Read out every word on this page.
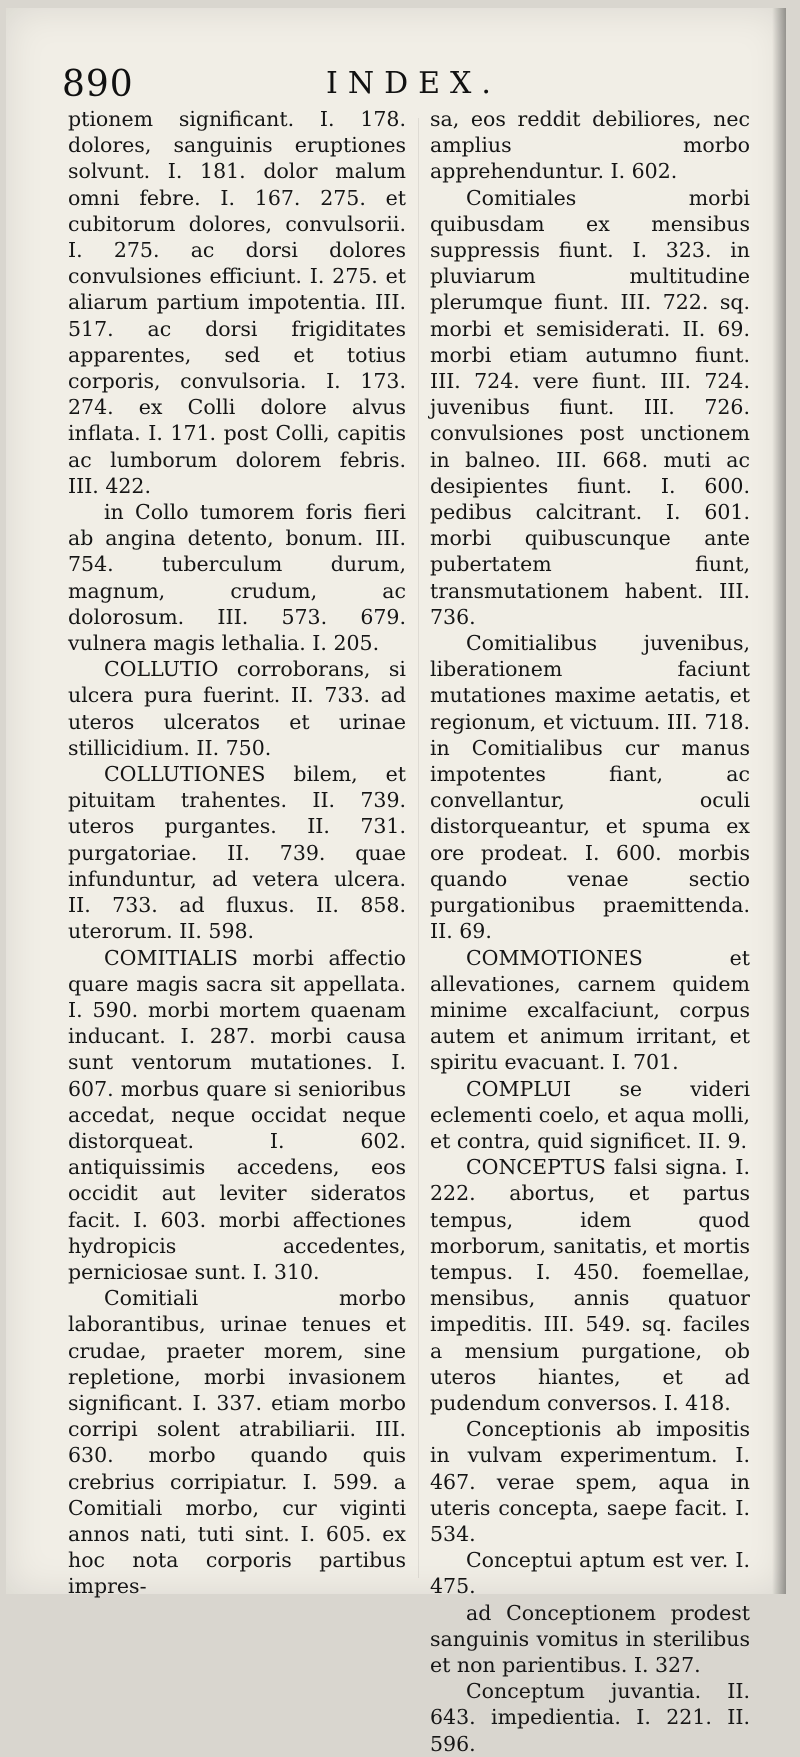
890	INDEX.

ptionem significant. I. 178. dolores, sanguinis eruptiones solvunt. I. 181. dolor malum omni febre. I. 167. 275. et cubitorum dolores, convulsorii. I. 275. ac dorsi dolores convulsiones efficiunt. I. 275. et aliarum partium impotentia. III. 517. ac dorsi frigiditates apparentes, sed et totius corporis, convulsoria. I. 173. 274. ex Colli dolore alvus inflata. I. 171. post Colli, capitis ac lumborum dolorem febris. III. 422.

in Collo tumorem foris fieri ab angina detento, bonum. III. 754. tuberculum durum, magnum, crudum, ac dolorosum. III. 573. 679. vulnera magis lethalia. I. 205.

COLLUTIO corroborans, si ulcera pura fuerint. II. 733. ad uteros ulceratos et urinae stillicidium. II. 750.

COLLUTIONES bilem, et pituitam trahentes. II. 739. uteros purgantes. II. 731. purgatoriae. II. 739. quae infunduntur, ad vetera ulcera. II. 733. ad fluxus. II. 858. uterorum. II. 598.

COMITIALIS morbi affectio quare magis sacra sit appellata. I. 590. morbi mortem quaenam inducant. I. 287. morbi causa sunt ventorum mutationes. I. 607. morbus quare si senioribus accedat, neque occidat neque distorqueat. I. 602. antiquissimis accedens, eos occidit aut leviter sideratos facit. I. 603. morbi affectiones hydropicis accedentes, perniciosae sunt. I. 310.

Comitiali morbo laborantibus, urinae tenues et crudae, praeter morem, sine repletione, morbi invasionem significant. I. 337. etiam morbo corripi solent atrabiliarii. III. 630. morbo quando quis crebrius corripiatur. I. 599. a Comitiali morbo, cur viginti annos nati, tuti sint. I. 605. ex hoc nota corporis partibus impres-

sa, eos reddit debiliores, nec amplius morbo apprehenduntur. I. 602.

Comitiales morbi quibusdam ex mensibus suppressis fiunt. I. 323. in pluviarum multitudine plerumque fiunt. III. 722. sq. morbi et semisiderati. II. 69. morbi etiam autumno fiunt. III. 724. vere fiunt. III. 724. juvenibus fiunt. III. 726. convulsiones post unctionem in balneo. III. 668. muti ac desipientes fiunt. I. 600. pedibus calcitrant. I. 601. morbi quibuscunque ante pubertatem fiunt, transmutationem habent. III. 736.

Comitialibus juvenibus, liberationem faciunt mutationes maxime aetatis, et regionum, et victuum. III. 718. in Comitialibus cur manus impotentes fiant, ac convellantur, oculi distorqueantur, et spuma ex ore prodeat. I. 600. morbis quando venae sectio purgationibus praemittenda. II. 69.

COMMOTIONES et allevationes, carnem quidem minime excalfaciunt, corpus autem et animum irritant, et spiritu evacuant. I. 701.

COMPLUI se videri eclementi coelo, et aqua molli, et contra, quid significet. II. 9.

CONCEPTUS falsi signa. I. 222. abortus, et partus tempus, idem quod morborum, sanitatis, et mortis tempus. I. 450. foemellae, mensibus, annis quatuor impeditis. III. 549. sq. faciles a mensium purgatione, ob uteros hiantes, et ad pudendum conversos. I. 418.

Conceptionis ab impositis in vulvam experimentum. I. 467. verae spem, aqua in uteris concepta, saepe facit. I. 534.

Conceptui aptum est ver. I. 475.

ad Conceptionem prodest sanguinis vomitus in sterilibus et non parientibus. I. 327.

Conceptum juvantia. II. 643. impedientia. I. 221. II. 596.
